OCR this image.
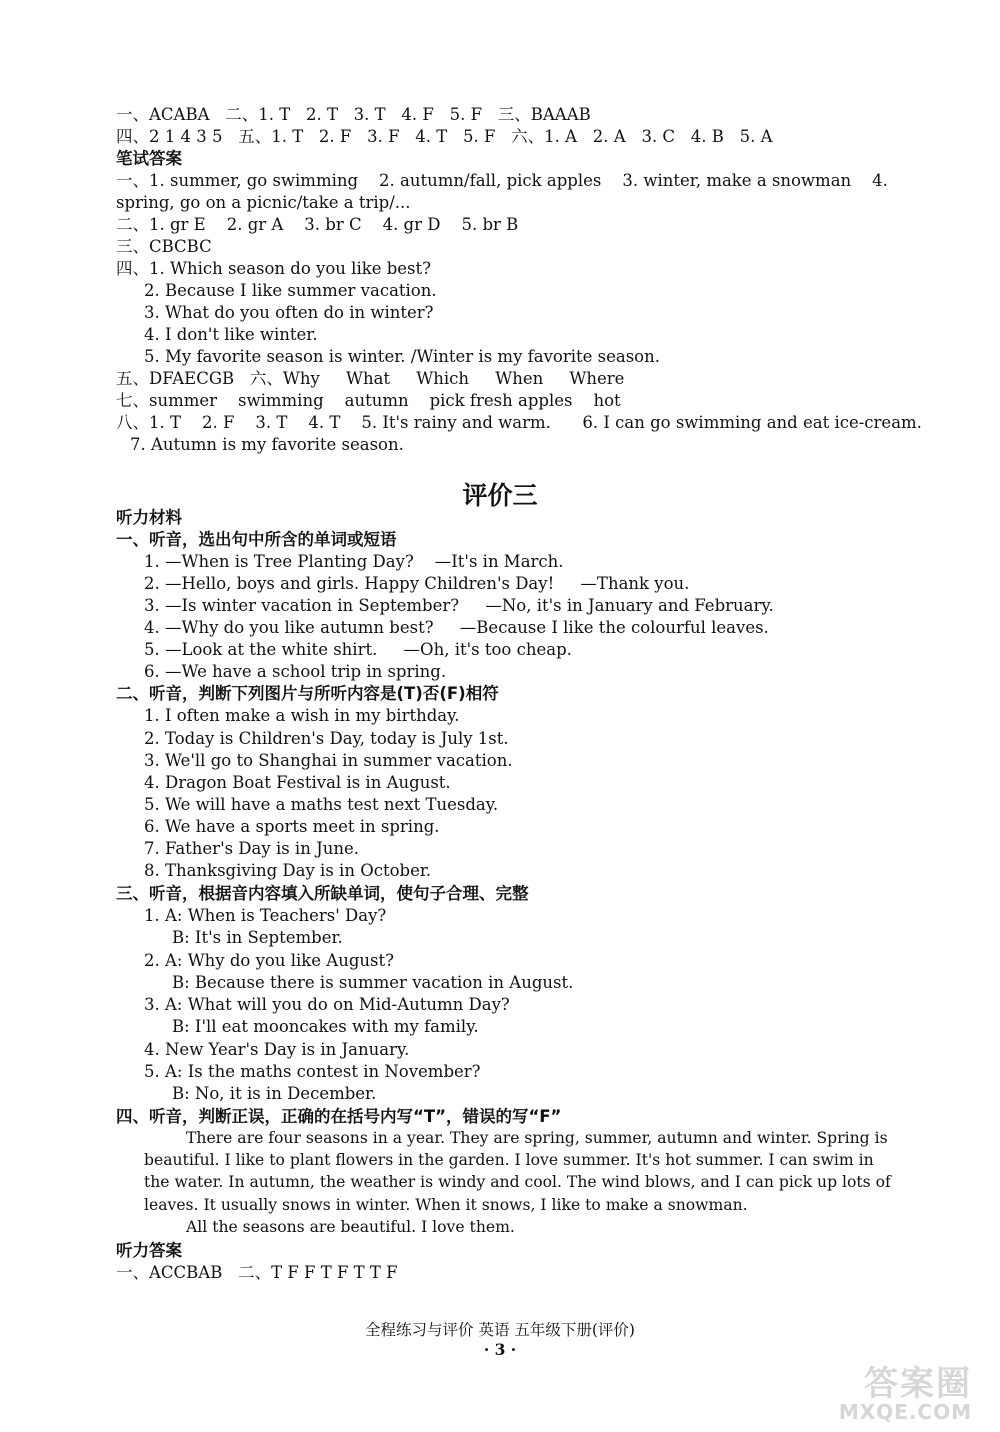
一、ACABA   二、1. T   2. T   3. T   4. F   5. F   三、BAAAB
四、2 1 4 3 5   五、1. T   2. F   3. F   4. T   5. F   六、1. A   2. A   3. C   4. B   5. A
笔试答案
一、1. summer, go swimming    2. autumn/fall, pick apples    3. winter, make a snowman    4.
spring, go on a picnic/take a trip/...
二、1. gr E    2. gr A    3. br C    4. gr D    5. br B
三、CBCBC
四、1. Which season do you like best?
2. Because I like summer vacation.
3. What do you often do in winter?
4. I don't like winter.
5. My favorite season is winter. /Winter is my favorite season.
五、DFAECGB   六、Why     What     Which     When     Where
七、summer    swimming    autumn    pick fresh apples    hot
八、1. T    2. F    3. T    4. T    5. It's rainy and warm.      6. I can go swimming and eat ice-cream.
7. Autumn is my favorite season.
评价三
听力材料
一、听音，选出句中所含的单词或短语
1. —When is Tree Planting Day?    —It's in March.
2. —Hello, boys and girls. Happy Children's Day!     —Thank you.
3. —Is winter vacation in September?     —No, it's in January and February.
4. —Why do you like autumn best?     —Because I like the colourful leaves.
5. —Look at the white shirt.     —Oh, it's too cheap.
6. —We have a school trip in spring.
二、听音，判断下列图片与所听内容是(T)否(F)相符
1. I often make a wish in my birthday.
2. Today is Children's Day, today is July 1st.
3. We'll go to Shanghai in summer vacation.
4. Dragon Boat Festival is in August.
5. We will have a maths test next Tuesday.
6. We have a sports meet in spring.
7. Father's Day is in June.
8. Thanksgiving Day is in October.
三、听音，根据音内容填入所缺单词，使句子合理、完整
1. A: When is Teachers' Day?
B: It's in September.
2. A: Why do you like August?
B: Because there is summer vacation in August.
3. A: What will you do on Mid-Autumn Day?
B: I'll eat mooncakes with my family.
4. New Year's Day is in January.
5. A: Is the maths contest in November?
B: No, it is in December.
四、听音，判断正误，正确的在括号内写“T”，错误的写“F”
There are four seasons in a year. They are spring, summer, autumn and winter. Spring is
beautiful. I like to plant flowers in the garden. I love summer. It's hot summer. I can swim in
the water. In autumn, the weather is windy and cool. The wind blows, and I can pick up lots of
leaves. It usually snows in winter. When it snows, I like to make a snowman.
All the seasons are beautiful. I love them.
听力答案
一、ACCBAB   二、T F F T F T T F
全程练习与评价 英语 五年级下册(评价)
· 3 ·
答案圈
MXQE.COM
